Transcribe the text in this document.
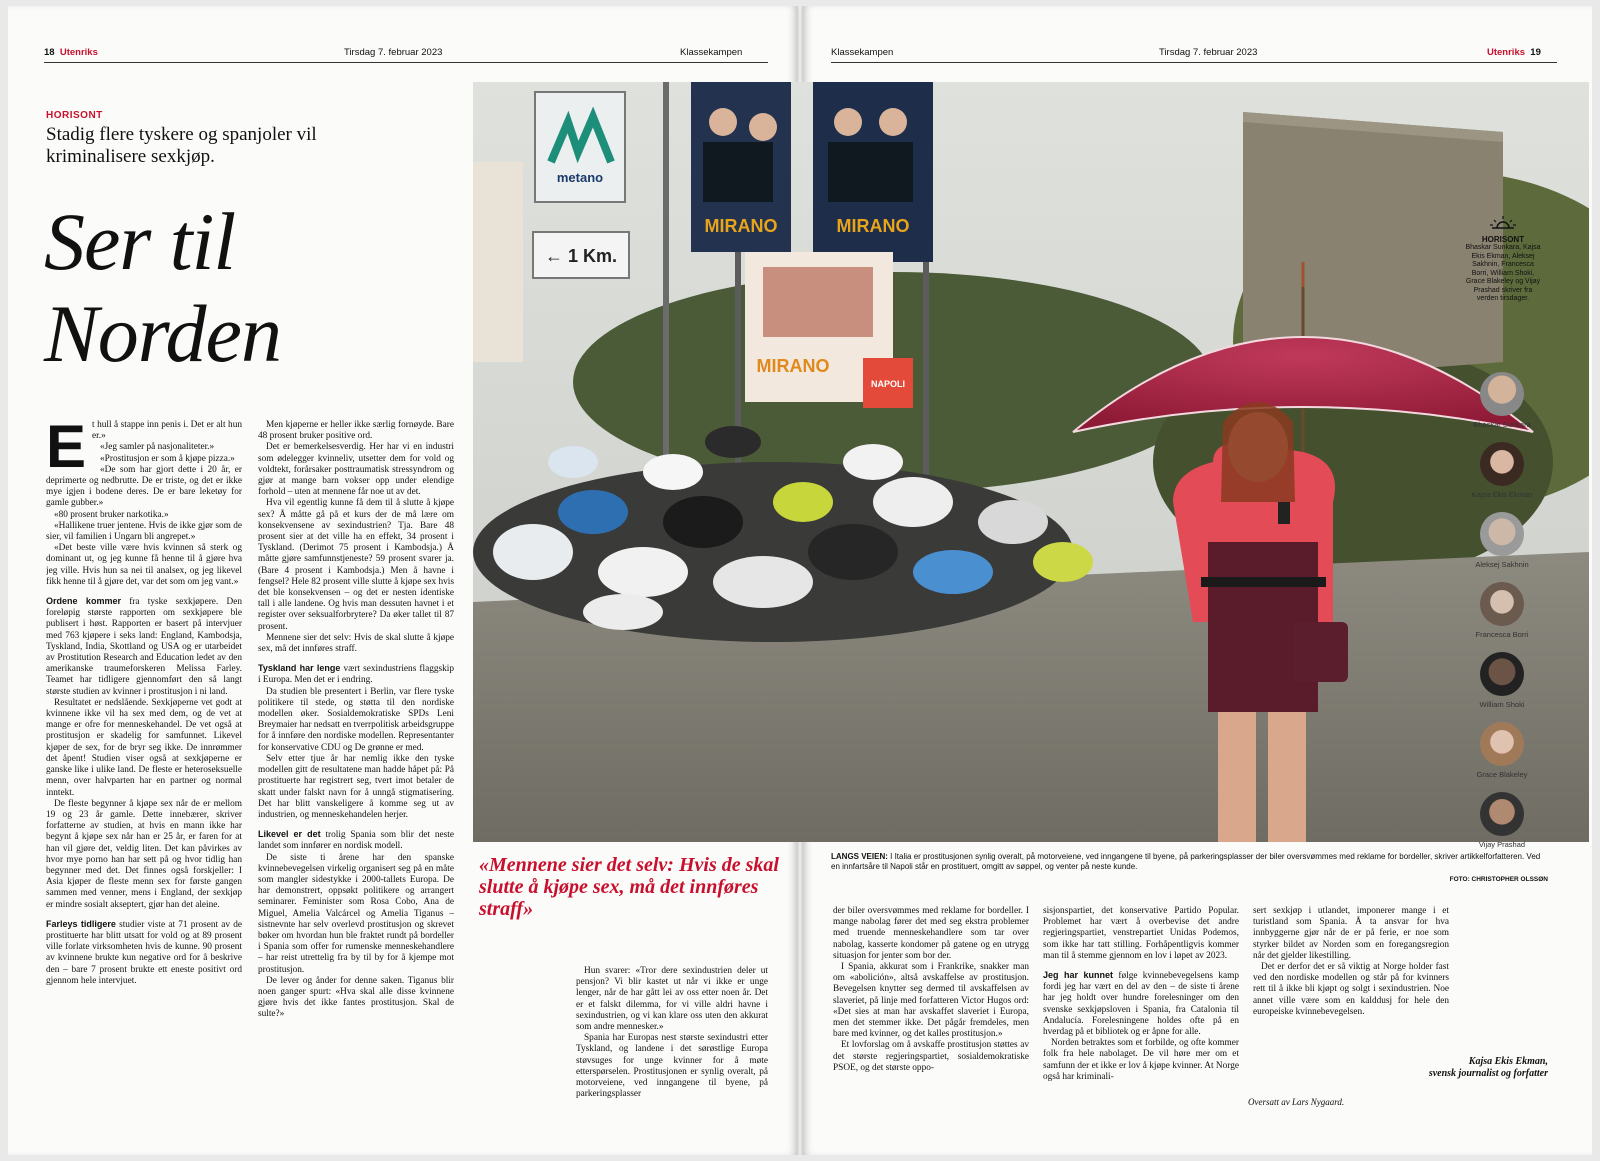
18 Utenriks	Tirsdag 7. februar 2023	Klassekampen
HORISONT
Stadig flere tyskere og spanjoler vil kriminalisere sexkjøp.
Ser til
Norden

Et hull å stappe inn penis i. Det er alt hun er.»

«Jeg samler på nasjonaliteter.»

«Prostitusjon er som å kjøpe pizza.»

«De som har gjort dette i 20 år, er deprimerte og nedbrutte. De er triste, og det er ikke mye igjen i bodene deres. De er bare leketøy for gamle gubber.»

«80 prosent bruker narkotika.»

«Hallikene truer jentene. Hvis de ikke gjør som de sier, vil familien i Ungarn bli angrepet.»

«Det beste ville være hvis kvinnen så sterk og dominant ut, og jeg kunne få henne til å gjøre hva jeg ville. Hvis hun sa nei til analsex, og jeg likevel fikk henne til å gjøre det, var det som om jeg vant.»

Ordene kommer fra tyske sexkjøpere. Den foreløpig største rapporten om sexkjøpere ble publisert i høst. Rapporten er basert på intervjuer med 763 kjøpere i seks land: England, Kambodsja, Tyskland, India, Skottland og USA og er utarbeidet av Prostitution Research and Education ledet av den amerikanske traumeforskeren Melissa Farley. Teamet har tidligere gjennomført den så langt største studien av kvinner i prostitusjon i ni land.

Resultatet er nedslående. Sexkjøperne vet godt at kvinnene ikke vil ha sex med dem, og de vet at mange er ofre for menneskehandel. De vet også at prostitusjon er skadelig for samfunnet. Likevel kjøper de sex, for de bryr seg ikke. De innrømmer det åpent! Studien viser også at sexkjøperne er ganske like i ulike land. De fleste er heteroseksuelle menn, over halvparten har en partner og normal inntekt.

De fleste begynner å kjøpe sex når de er mellom 19 og 23 år gamle. Dette innebærer, skriver forfatterne av studien, at hvis en mann ikke har begynt å kjøpe sex når han er 25 år, er faren for at han vil gjøre det, veldig liten. Det kan påvirkes av hvor mye porno han har sett på og hvor tidlig han begynner med det. Det finnes også forskjeller: I Asia kjøper de fleste menn sex for første gangen sammen med venner, mens i England, der sexkjøp er mindre sosialt akseptert, gjør han det aleine.

Farleys tidligere studier viste at 71 prosent av de prostituerte har blitt utsatt for vold og at 89 prosent ville forlate virksomheten hvis de kunne. 90 prosent av kvinnene brukte kun negative ord for å beskrive den – bare 7 prosent brukte ett eneste positivt ord gjennom hele intervjuet.

Men kjøperne er heller ikke særlig fornøyde. Bare 48 prosent bruker positive ord.

Det er bemerkelsesverdig. Her har vi en industri som ødelegger kvinneliv, utsetter dem for vold og voldtekt, forårsaker posttraumatisk stressyndrom og gjør at mange barn vokser opp under elendige forhold – uten at mennene får noe ut av det.

Hva vil egentlig kunne få dem til å slutte å kjøpe sex? Å måtte gå på et kurs der de må lære om konsekvensene av sexindustrien? Tja. Bare 48 prosent sier at det ville ha en effekt, 34 prosent i Tyskland. (Derimot 75 prosent i Kambodsja.) Å måtte gjøre samfunnstjeneste? 59 prosent svarer ja. (Bare 4 prosent i Kambodsja.) Men å havne i fengsel? Hele 82 prosent ville slutte å kjøpe sex hvis det ble konsekvensen – og det er nesten identiske tall i alle landene. Og hvis man dessuten havnet i et register over seksualforbrytere? Da øker tallet til 87 prosent.

Mennene sier det selv: Hvis de skal slutte å kjøpe sex, må det innføres straff.

Tyskland har lenge vært sexindustriens flaggskip i Europa. Men det er i endring.

Da studien ble presentert i Berlin, var flere tyske politikere til stede, og støtta til den nordiske modellen øker. Sosialdemokratiske SPDs Leni Breymaier har nedsatt en tverrpolitisk arbeidsgruppe for å innføre den nordiske modellen. Representanter for konservative CDU og De grønne er med.

Selv etter tjue år har nemlig ikke den tyske modellen gitt de resultatene man hadde håpet på: På prostituerte har registrert seg, tvert imot betaler de skatt under falskt navn for å unngå stigmatisering. Det har blitt vanskeligere å komme seg ut av industrien, og menneskehandelen herjer.

Likevel er det trolig Spania som blir det neste landet som innfører en nordisk modell.

De siste ti årene har den spanske kvinnebevegelsen virkelig organisert seg på en måte som mangler sidestykke i 2000-tallets Europa. De har demonstrert, oppsøkt politikere og arrangert seminarer. Feminister som Rosa Cobo, Ana de Miguel, Amelia Valcárcel og Amelia Tiganus – sistnevnte har selv overlevd prostitusjon og skrevet bøker om hvordan hun ble fraktet rundt på bordeller i Spania som offer for rumenske menneskehandlere – har reist utrettelig fra by til by for å kjempe mot prostitusjon.

De lever og ånder for denne saken. Tiganus blir noen ganger spurt: «Hva skal alle disse kvinnene gjøre hvis det ikke fantes prostitusjon. Skal de sulte?»

Hun svarer: «Tror dere sexindustrien deler ut pensjon? Vi blir kastet ut når vi ikke er unge lenger, når de har gått lei av oss etter noen år. Det er et falskt dilemma, for vi ville aldri havne i sexindustrien, og vi kan klare oss uten den akkurat som andre mennesker.»

Spania har Europas nest største sexindustri etter Tyskland, og landene i det sørøstlige Europa støvsuges for unge kvinner for å møte etterspørselen. Prostitusjonen er synlig overalt, på motorveiene, ved inngangene til byene, på parkeringsplasser

Klassekampen	Tirsdag 7. februar 2023	Utenriks 19

der biler oversvømmes med reklame for bordeller. I mange nabolag fører det med seg ekstra problemer med truende menneskehandlere som tar over nabolag, kasserte kondomer på gatene og en utrygg situasjon for jenter som bor der.

I Spania, akkurat som i Frankrike, snakker man om «abolición», altså avskaffelse av prostitusjon. Bevegelsen knytter seg dermed til avskaffelsen av slaveriet, på linje med forfatteren Victor Hugos ord: «Det sies at man har avskaffet slaveriet i Europa, men det stemmer ikke. Det pågår fremdeles, men bare med kvinner, og det kalles prostitusjon.»

Et lovforslag om å avskaffe prostitusjon støttes av det største regjeringspartiet, sosialdemokratiske PSOE, og det største oppo-

sisjonspartiet, det konservative Partido Popular. Problemet har vært å overbevise det andre regjeringspartiet, venstrepartiet Unidas Podemos, som ikke har tatt stilling. Forhåpentligvis kommer man til å stemme gjennom en lov i løpet av 2023.

Jeg har kunnet følge kvinnebevegelsens kamp fordi jeg har vært en del av den – de siste ti årene har jeg holdt over hundre forelesninger om den svenske sexkjøpsloven i Spania, fra Catalonia til Andalucía. Forelesningene holdes ofte på en hverdag på et bibliotek og er åpne for alle.

Norden betraktes som et forbilde, og ofte kommer folk fra hele nabolaget. De vil høre mer om et samfunn der et ikke er lov å kjøpe kvinner. At Norge også har kriminali-

sert sexkjøp i utlandet, imponerer mange i et turistland som Spania. Å ta ansvar for hva innbyggerne gjør når de er på ferie, er noe som styrker bildet av Norden som en foregangsregion når det gjelder likestilling.

Det er derfor det er så viktig at Norge holder fast ved den nordiske modellen og står på for kvinners rett til å ikke bli kjøpt og solgt i sexindustrien. Noe annet ville være som en kalddusj for hele den europeiske kvinnebevegelsen.

metano
← 1 Km.
MIRANO	MIRANO
MIRANO
NAPOLI
LANGS VEIEN: I Italia er prostitusjonen synlig overalt, på motorveiene, ved inngangene til byene, på parkeringsplasser der biler oversvømmes med reklame for bordeller, skriver artikkelforfatteren. Ved en innfartsåre til Napoli står en prostituert, omgitt av søppel, og venter på neste kunde.
FOTO: CHRISTOPHER OLSSØN
«Mennene sier det selv: Hvis de skal slutte å kjøpe sex, må det innføres straff»
Kajsa Ekis Ekman,
svensk journalist og forfatter
Oversatt av Lars Nygaard.
HORISONT
Bhaskar Sunkara, Kajsa Ekis Ekman, Aleksej Sakhnin, Francesca Borri, William Shoki, Grace Blakeley og Vijay Prashad skriver fra verden tirsdager.
Bhaskar Sunkara
Kajsa Ekis Ekman
Aleksej Sakhnin
Francesca Borri
William Shoki
Grace Blakeley
Vijay Prashad
